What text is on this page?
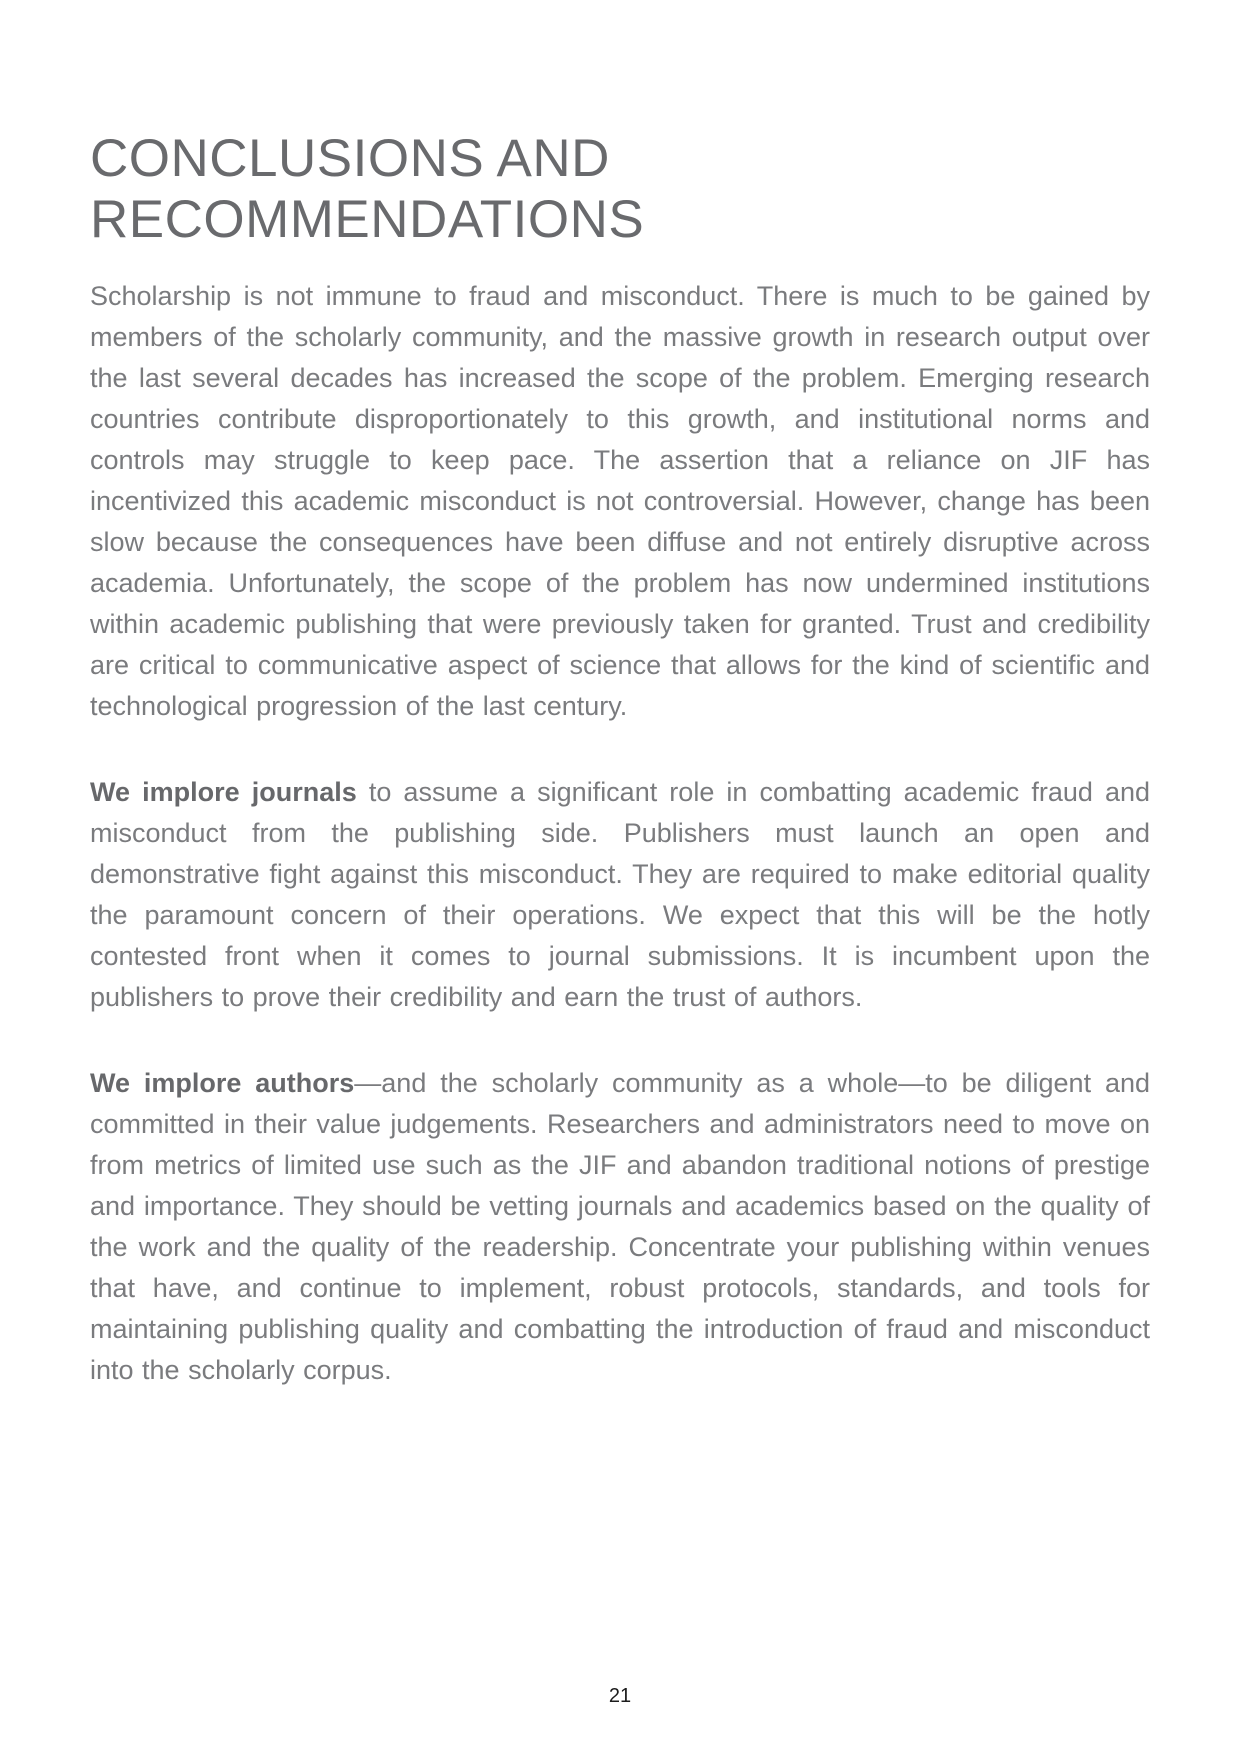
CONCLUSIONS AND
RECOMMENDATIONS

Scholarship is not immune to fraud and misconduct. There is much to be gained by members of the scholarly community, and the massive growth in research output over the last several decades has increased the scope of the problem. Emerging research countries contribute disproportionately to this growth, and institutional norms and controls may struggle to keep pace. The assertion that a reliance on JIF has incentivized this academic misconduct is not controversial. However, change has been slow because the consequences have been diffuse and not entirely disruptive across academia. Unfortunately, the scope of the problem has now undermined institutions within academic publishing that were previously taken for granted. Trust and credibility are critical to communicative aspect of science that allows for the kind of scientific and technological progression of the last century.

We implore journals to assume a significant role in combatting academic fraud and misconduct from the publishing side. Publishers must launch an open and demonstrative fight against this misconduct. They are required to make editorial quality the paramount concern of their operations. We expect that this will be the hotly contested front when it comes to journal submissions. It is incumbent upon the publishers to prove their credibility and earn the trust of authors.

We implore authors—and the scholarly community as a whole—to be diligent and committed in their value judgements. Researchers and administrators need to move on from metrics of limited use such as the JIF and abandon traditional notions of prestige and importance. They should be vetting journals and academics based on the quality of the work and the quality of the readership. Concentrate your publishing within venues that have, and continue to implement, robust protocols, standards, and tools for maintaining publishing quality and combatting the introduction of fraud and misconduct into the scholarly corpus.

21
